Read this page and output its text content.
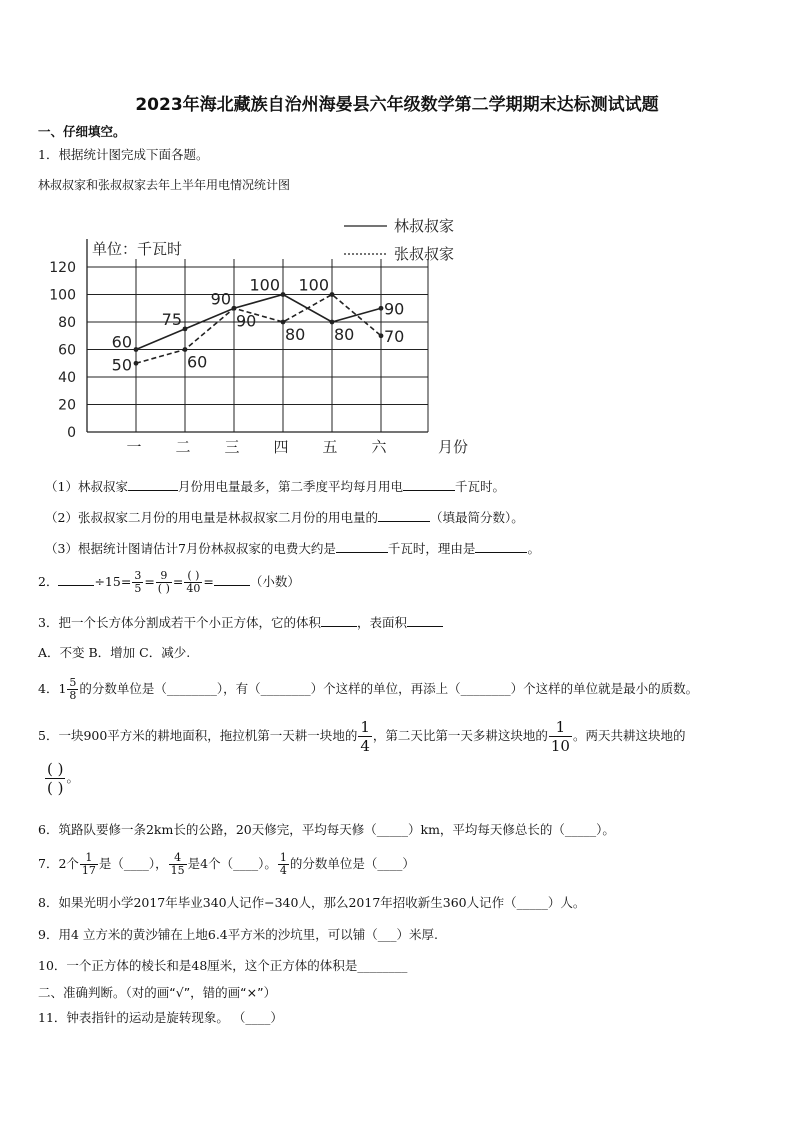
2023年海北藏族自治州海晏县六年级数学第二学期期末达标测试试题
一、仔细填空。
1．根据统计图完成下面各题。
林叔叔家和张叔叔家去年上半年用电情况统计图
0
20
40
60
80
100
120
一 二 三 四 五 六	月份
单位：千瓦时
60
75
90
100
80
90
50	60
90
80
100
70
林叔叔家
张叔叔家
（1）林叔叔家	月份用电量最多，第二季度平均每月用电	千瓦时。
（2）张叔叔家二月份的用电量是林叔叔家二月份的用电量的	（填最简分数）。
（3）根据统计图请估计7月份林叔叔家的电费大约是	千瓦时，理由是	。
2．	$\div 15= \frac{3}{5} = \frac{9}{( )} = \frac{( )}{40}$ =	（小数）
3．把一个长方体分割成若干个小正方体，它的体积	，表面积
A．不变 B．增加 C．减少.
4．$1 \frac{5}{8}$ 的分数单位是（________），有（________）个这样的单位，再添上（________）个这样的单位就是最小的质数。
5．一块900平方米的耕地面积，拖拉机第一天耕一块地的 $\frac{1}{4}$ ，第二天比第一天多耕这块地的 $\frac{1}{10}$ 。两天共耕这块地的
$\frac{( )}{( )}$ 。
6．筑路队要修一条2km长的公路，20天修完，平均每天修（_____）km，平均每天修总长的（_____）。
7．2个 $\frac{1}{17}$ 是（____）， $\frac{4}{15}$ 是4个（____）。 $\frac{1}{4}$ 的分数单位是（____）
8．如果光明小学2017年毕业340人记作−340人，那么2017年招收新生360人记作（_____）人。
9．用4 立方米的黄沙铺在上地6.4平方米的沙坑里，可以铺（___）米厚.
10．一个正方体的棱长和是48厘米，这个正方体的体积是________
二、准确判断。（对的画“√”，错的画“×”）
11．钟表指针的运动是旋转现象。 （____）
